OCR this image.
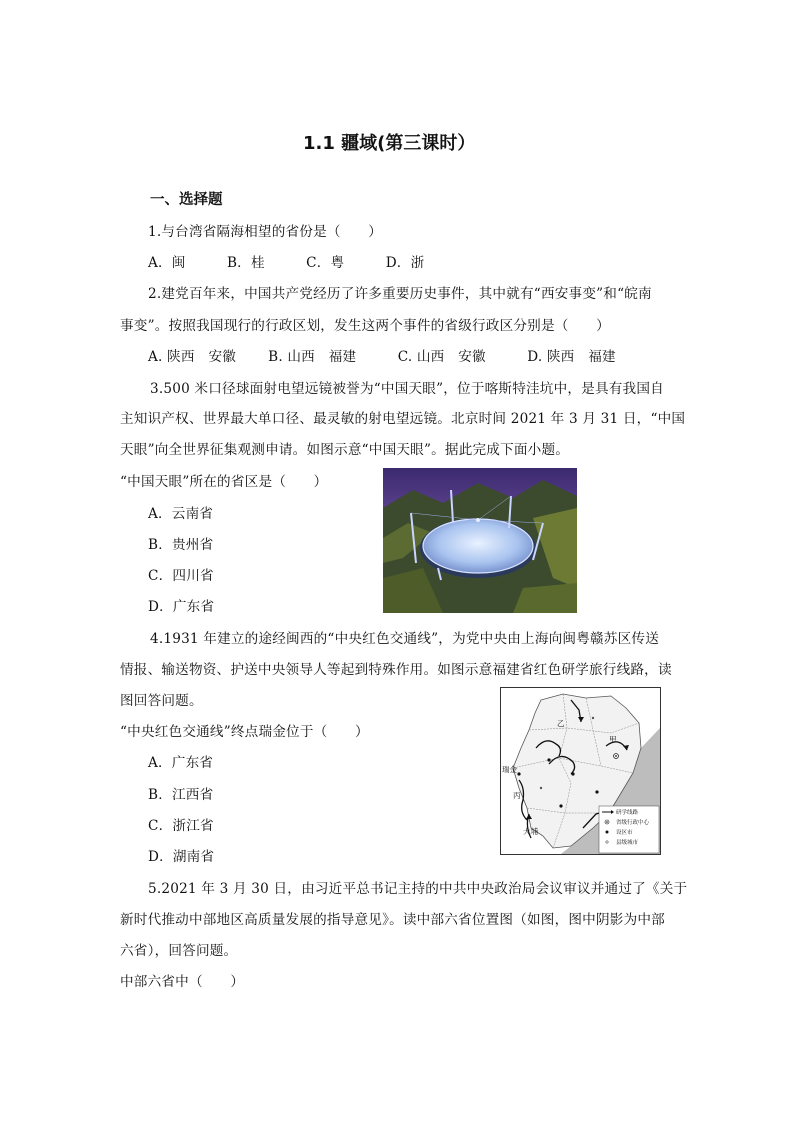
1.1 疆域(第三课时）
一、选择题
1.与台湾省隔海相望的省份是（　　）
A．闽　　　B．桂　　　C．粤　　　D．浙
2.建党百年来，中国共产党经历了许多重要历史事件，其中就有“西安事变”和“皖南
事变”。按照我国现行的行政区划，发生这两个事件的省级行政区分别是（　　）
A. 陕西　安徽　　 B. 山西　福建　　　C. 山西　安徽　　　D. 陕西　福建
3.500 米口径球面射电望远镜被誉为“中国天眼”，位于喀斯特洼坑中，是具有我国自
主知识产权、世界最大单口径、最灵敏的射电望远镜。北京时间 2021 年 3 月 31 日，“中国
天眼”向全世界征集观测申请。如图示意“中国天眼”。据此完成下面小题。
“中国天眼”所在的省区是（　　）
A．云南省
B．贵州省
C．四川省
D．广东省
4.1931 年建立的途经闽西的“中央红色交通线”，为党中央由上海向闽粤赣苏区传送
情报、输送物资、护送中央领导人等起到特殊作用。如图示意福建省红色研学旅行线路，读
图回答问题。
“中央红色交通线”终点瑞金位于（　　）
A．广东省
B．江西省
C．浙江省
D．湖南省
甲
乙
丙
瑞金
大埔
研学线路
省级行政中心
设区市
县级城市
5.2021 年 3 月 30 日，由习近平总书记主持的中共中央政治局会议审议并通过了《关于
新时代推动中部地区高质量发展的指导意见》。读中部六省位置图（如图，图中阴影为中部
六省），回答问题。
中部六省中（　　）
